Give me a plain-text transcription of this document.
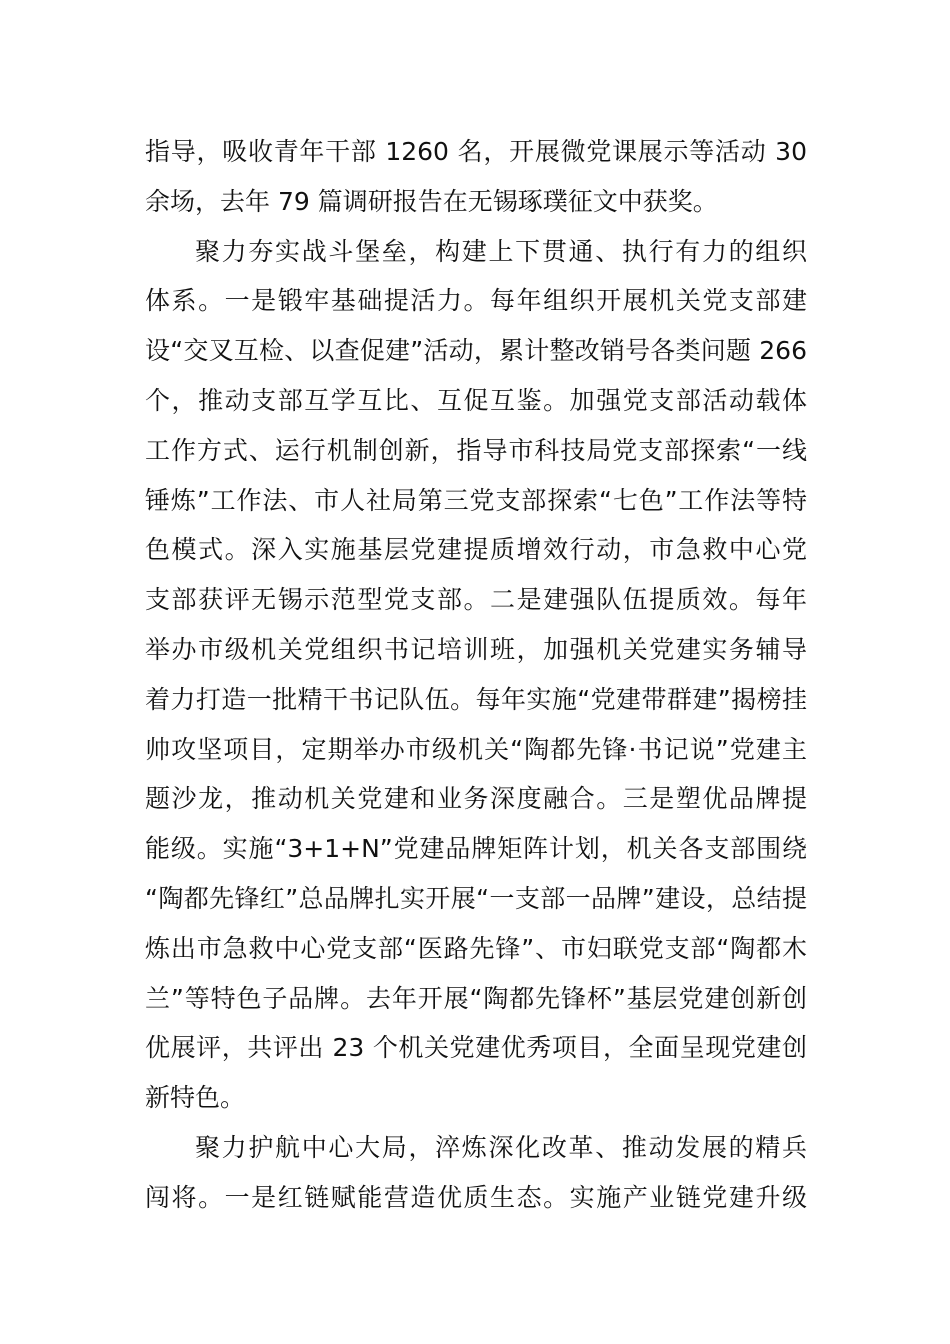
指导，吸收青年干部 1260 名，开展微党课展示等活动 30
余场，去年 79 篇调研报告在无锡琢璞征文中获奖。
聚力夯实战斗堡垒，构建上下贯通、执行有力的组织
体系。一是锻牢基础提活力。每年组织开展机关党支部建
设“交叉互检、以查促建”活动，累计整改销号各类问题 266
个，推动支部互学互比、互促互鉴。加强党支部活动载体
工作方式、运行机制创新，指导市科技局党支部探索“一线
锤炼”工作法、市人社局第三党支部探索“七色”工作法等特
色模式。深入实施基层党建提质增效行动，市急救中心党
支部获评无锡示范型党支部。二是建强队伍提质效。每年
举办市级机关党组织书记培训班，加强机关党建实务辅导
着力打造一批精干书记队伍。每年实施“党建带群建”揭榜挂
帅攻坚项目，定期举办市级机关“陶都先锋·书记说”党建主
题沙龙，推动机关党建和业务深度融合。三是塑优品牌提
能级。实施“3+1+N”党建品牌矩阵计划，机关各支部围绕
“陶都先锋红”总品牌扎实开展“一支部一品牌”建设，总结提
炼出市急救中心党支部“医路先锋”、市妇联党支部“陶都木
兰”等特色子品牌。去年开展“陶都先锋杯”基层党建创新创
优展评，共评出 23 个机关党建优秀项目，全面呈现党建创
新特色。
聚力护航中心大局，淬炼深化改革、推动发展的精兵
闯将。一是红链赋能营造优质生态。实施产业链党建升级
